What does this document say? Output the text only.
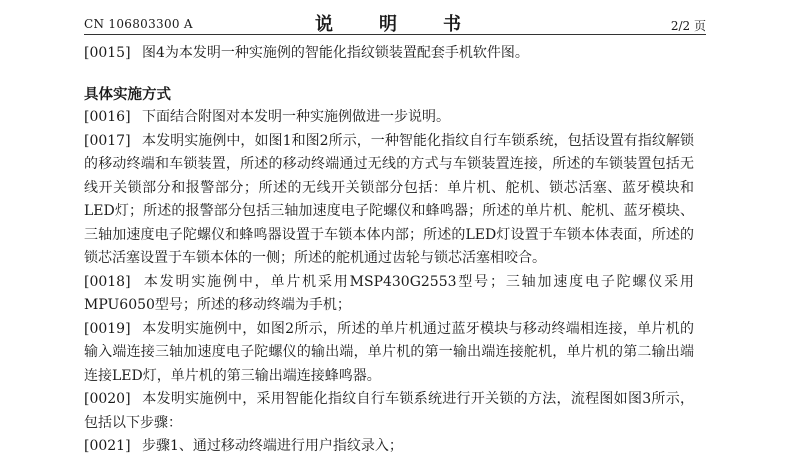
CN 106803300 A	说　明　书	2/2 页

[0015] 图4为本发明一种实施例的智能化指纹锁装置配套手机软件图。

具体实施方式

[0016] 下面结合附图对本发明一种实施例做进一步说明。

[0017] 本发明实施例中，如图1和图2所示，一种智能化指纹自行车锁系统，包括设置有指纹解锁的移动终端和车锁装置，所述的移动终端通过无线的方式与车锁装置连接，所述的车锁装置包括无线开关锁部分和报警部分；所述的无线开关锁部分包括：单片机、舵机、锁芯活塞、蓝牙模块和LED灯；所述的报警部分包括三轴加速度电子陀螺仪和蜂鸣器；所述的单片机、舵机、蓝牙模块、三轴加速度电子陀螺仪和蜂鸣器设置于车锁本体内部；所述的LED灯设置于车锁本体表面，所述的锁芯活塞设置于车锁本体的一侧；所述的舵机通过齿轮与锁芯活塞相咬合。

[0018] 本发明实施例中，单片机采用MSP430G2553型号；三轴加速度电子陀螺仪采用MPU6050型号；所述的移动终端为手机；

[0019] 本发明实施例中，如图2所示，所述的单片机通过蓝牙模块与移动终端相连接，单片机的输入端连接三轴加速度电子陀螺仪的输出端，单片机的第一输出端连接舵机，单片机的第二输出端连接LED灯，单片机的第三输出端连接蜂鸣器。

[0020] 本发明实施例中，采用智能化指纹自行车锁系统进行开关锁的方法，流程图如图3所示，包括以下步骤：

[0021] 步骤1、通过移动终端进行用户指纹录入；
